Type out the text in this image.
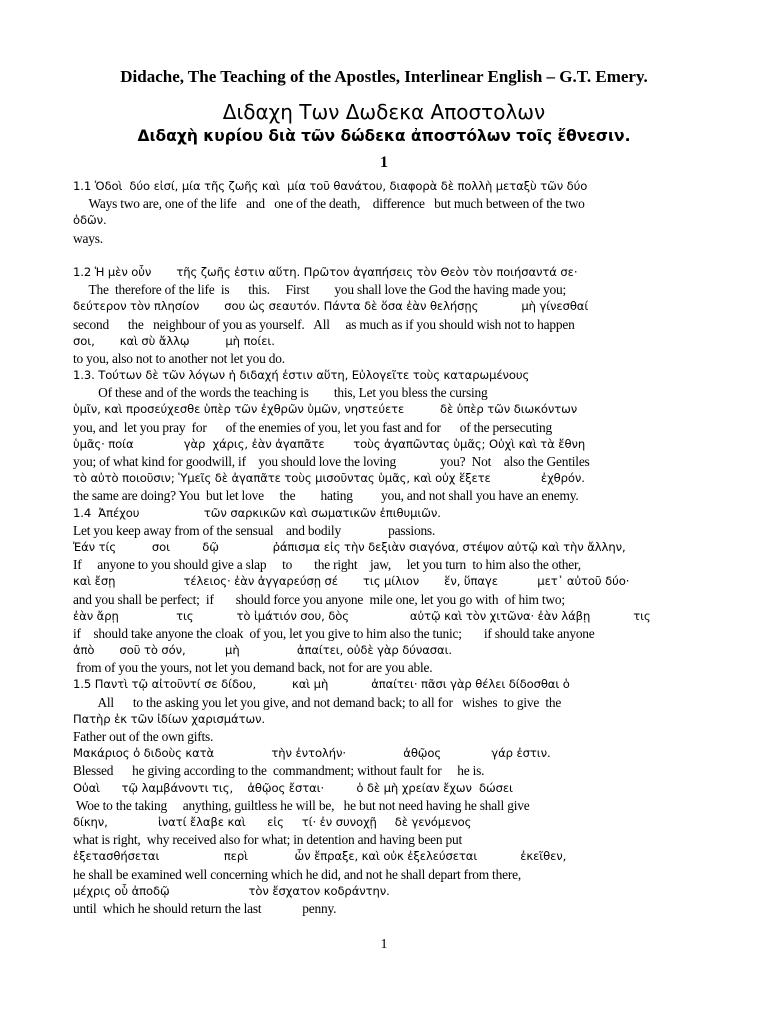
Didache, The Teaching of the Apostles, Interlinear English – G.T. Emery.
Διδαχη Των Δωδεκα Αποστολων
Διδαχὴ κυρίου διὰ τῶν δώδεκα ἀποστόλων τοῖς ἔθνεσιν.
1
1.1 Ὁδοὶ  δύο εἰσί, μία τῆς ζωῆς καὶ  μία τοῦ θανάτου, διαφορὰ δὲ πολλὴ μεταξὺ τῶν δύο
Ways two are, one of the life   and   one of the death,    difference   but much between of the two
ὁδῶν.
ways.
1.2 Ἡ μὲν οὖν       τῆς ζωῆς ἐστιν αὕτη. Πρῶτον ἀγαπήσεις τὸν Θεὸν τὸν ποιήσαντά σε·
The  therefore of the life  is      this.     First        you shall love the God the having made you;
δεύτερον τὸν πλησίον       σου ὡς σεαυτόν. Πάντα δὲ ὅσα ἐὰν θελήσῃς            μὴ γίνεσθαί
second      the   neighbour of you as yourself.   All     as much as if you should wish not to happen
σοι,       καὶ σὺ ἄλλῳ          μὴ ποίει.
to you, also not to another not let you do.
1.3. Τούτων δὲ τῶν λόγων ἡ διδαχή ἐστιν αὕτη, Εὐλογεῖτε τοὺς καταρωμένους
Of these and of the words the teaching is        this, Let you bless the cursing
ὑμῖν, καὶ προσεύχεσθε ὑπὲρ τῶν ἐχθρῶν ὑμῶν, νηστεύετε          δὲ ὑπὲρ τῶν διωκόντων
you, and  let you pray  for      of the enemies of you, let you fast and for      of the persecuting
ὑμᾶς· ποία              γὰρ  χάρις, ἐὰν ἀγαπᾶτε        τοὺς ἀγαπῶντας ὑμᾶς; Οὐχὶ καὶ τὰ ἔθνη
you; of what kind for goodwill, if    you should love the loving              you?  Not    also the Gentiles
τὸ αὐτὸ ποιοῦσιν; Ὑμεῖς δὲ ἀγαπᾶτε τοὺς μισοῦντας ὑμᾶς, καὶ οὐχ ἕξετε              ἐχθρόν.
the same are doing? You  but let love     the        hating         you, and not shall you have an enemy.
1.4  Ἀπέχου                  τῶν σαρκικῶν καὶ σωματικῶν ἐπιθυμιῶν.
Let you keep away from of the sensual    and bodily               passions.
Ἐάν τίς          σοι         δῷ               ῥάπισμα εἰς τὴν δεξιὰν σιαγόνα, στέψον αὐτῷ καὶ τὴν ἄλλην,
If     anyone to you should give a slap     to       the right    jaw,     let you turn  to him also the other,
καὶ ἔσῃ                   τέλειος· ἐὰν ἀγγαρεύσῃ σέ       τις μίλιον       ἕν, ὕπαγε           μετ᾽ αὐτοῦ δύο·
and you shall be perfect;  if       should force you anyone  mile one, let you go with  of him two;
ἐὰν ἄρῃ                τις            τὸ ἱμάτιόν σου, δὸς                 αὐτῷ καὶ τὸν χιτῶνα· ἐὰν λάβῃ            τις
if    should take anyone the cloak  of you, let you give to him also the tunic;       if should take anyone
ἀπὸ       σοῦ τὸ σόν,           μὴ                ἀπαίτει, οὐδὲ γὰρ δύνασαι.
from of you the yours, not let you demand back, not for are you able.
1.5 Παντὶ τῷ αἰτοῦντί σε δίδου,          καὶ μὴ            ἀπαίτει· πᾶσι γὰρ θέλει δίδοσθαι ὁ
All      to the asking you let you give, and not demand back; to all for   wishes  to give  the
Πατὴρ ἐκ τῶν ἰδίων χαρισμάτων.
Father out of the own gifts.
Μακάριος ὁ διδοὺς κατὰ                τὴν ἐντολήν·                ἀθῷος              γάρ ἐστιν.
Blessed      he giving according to the  commandment; without fault for     he is.
Οὐαὶ      τῷ λαμβάνοντι τις,    ἀθῷος ἔσται·         ὁ δὲ μὴ χρείαν ἔχων  δώσει
Woe to the taking     anything, guiltless he will be,   he but not need having he shall give
δίκην,              ἱνατί ἔλαβε καὶ      εἰς     τί· ἐν συνοχῇ     δὲ γενόμενος
what is right,  why received also for what; in detention and having been put
ἐξετασθήσεται                  περὶ             ὧν ἔπραξε, καὶ οὐκ ἐξελεύσεται            ἐκεῖθεν,
he shall be examined well concerning which he did, and not he shall depart from there,
μέχρις οὗ ἀποδῷ                      τὸν ἔσχατον κοδράντην.
until  which he should return the last             penny.
1
